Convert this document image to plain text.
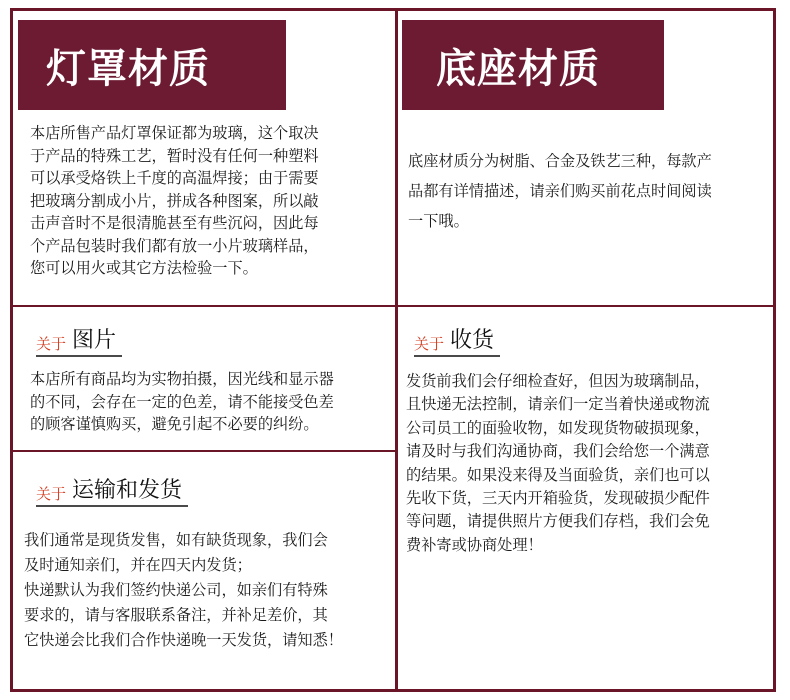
灯罩材质

本店所售产品灯罩保证都为玻璃，这个取决
于产品的特殊工艺，暂时没有任何一种塑料
可以承受烙铁上千度的高温焊接；由于需要
把玻璃分割成小片，拼成各种图案，所以敲
击声音时不是很清脆甚至有些沉闷，因此每
个产品包装时我们都有放一小片玻璃样品，
您可以用火或其它方法检验一下。

底座材质

底座材质分为树脂、合金及铁艺三种，每款产
品都有详情描述，请亲们购买前花点时间阅读
一下哦。

关于 图片

本店所有商品均为实物拍摄，因光线和显示器
的不同，会存在一定的色差，请不能接受色差
的顾客谨慎购买，避免引起不必要的纠纷。

关于 运输和发货

我们通常是现货发售，如有缺货现象，我们会
及时通知亲们，并在四天内发货；
快递默认为我们签约快递公司，如亲们有特殊
要求的，请与客服联系备注，并补足差价，其
它快递会比我们合作快递晚一天发货，请知悉！

关于 收货

发货前我们会仔细检查好，但因为玻璃制品，
且快递无法控制，请亲们一定当着快递或物流
公司员工的面验收物，如发现货物破损现象，
请及时与我们沟通协商，我们会给您一个满意
的结果。如果没来得及当面验货，亲们也可以
先收下货，三天内开箱验货，发现破损少配件
等问题，请提供照片方便我们存档，我们会免
费补寄或协商处理！
